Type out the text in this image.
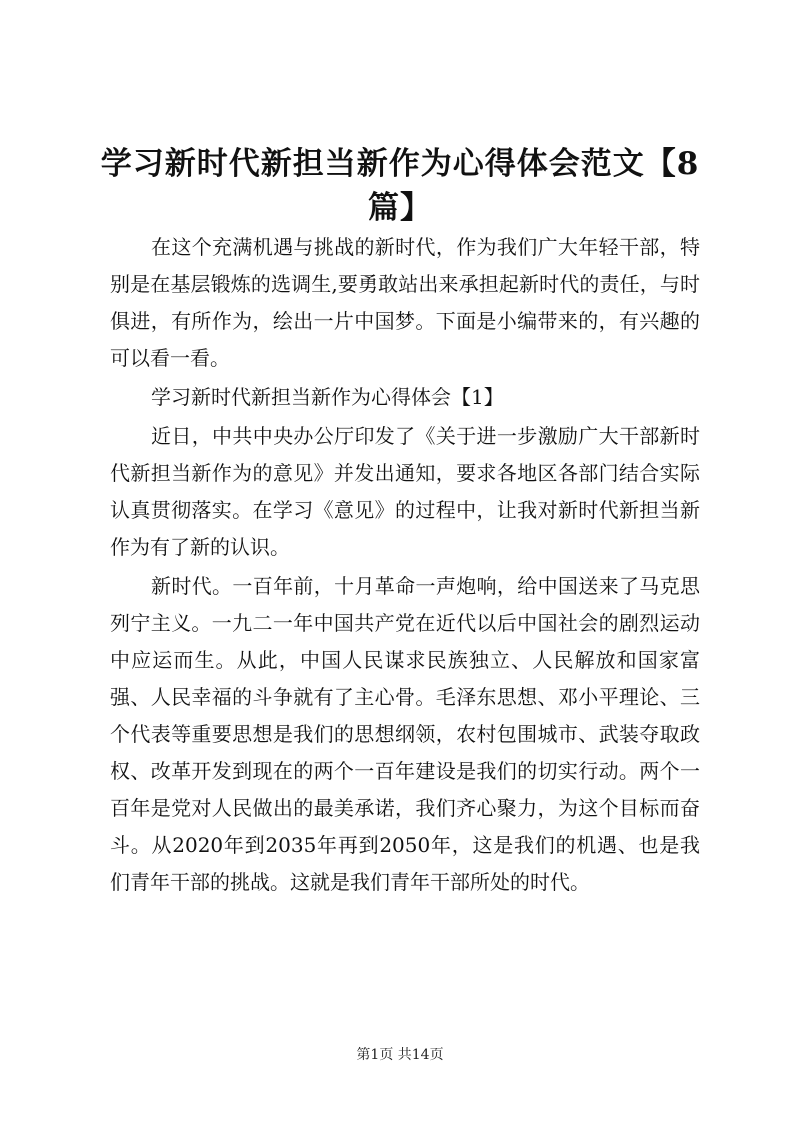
学习新时代新担当新作为心得体会范文【8篇】

在这个充满机遇与挑战的新时代，作为我们广大年轻干部，特别是在基层锻炼的选调生,要勇敢站出来承担起新时代的责任，与时俱进，有所作为，绘出一片中国梦。下面是小编带来的，有兴趣的可以看一看。

学习新时代新担当新作为心得体会【1】

近日，中共中央办公厅印发了《关于进一步激励广大干部新时代新担当新作为的意见》并发出通知，要求各地区各部门结合实际认真贯彻落实。在学习《意见》的过程中，让我对新时代新担当新作为有了新的认识。

新时代。一百年前，十月革命一声炮响，给中国送来了马克思列宁主义。一九二一年中国共产党在近代以后中国社会的剧烈运动中应运而生。从此，中国人民谋求民族独立、人民解放和国家富强、人民幸福的斗争就有了主心骨。毛泽东思想、邓小平理论、三个代表等重要思想是我们的思想纲领，农村包围城市、武装夺取政权、改革开发到现在的两个一百年建设是我们的切实行动。两个一百年是党对人民做出的最美承诺，我们齐心聚力，为这个目标而奋斗。从2020年到2035年再到2050年，这是我们的机遇、也是我们青年干部的挑战。这就是我们青年干部所处的时代。

第1页 共14页
